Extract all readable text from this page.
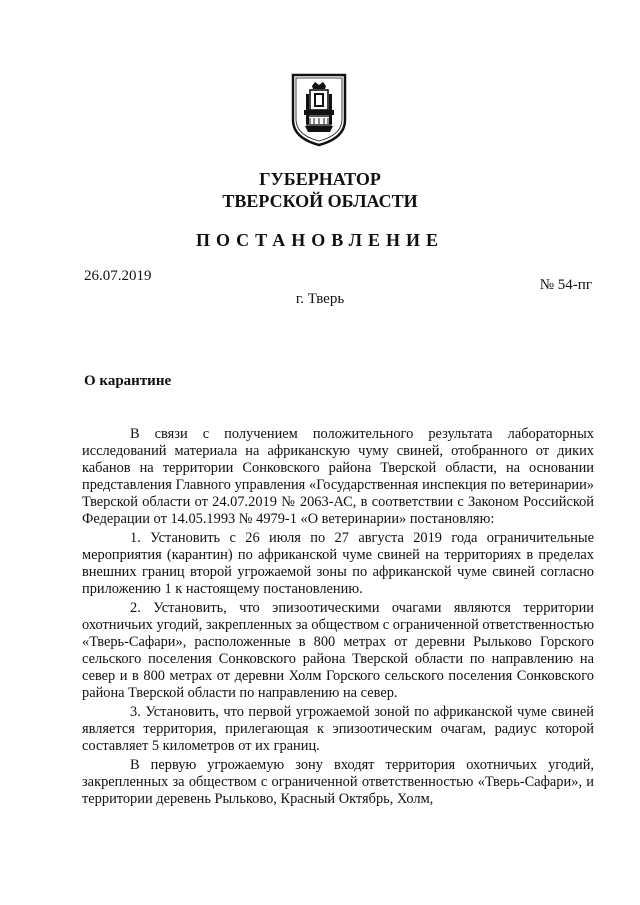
ГУБЕРНАТОР
ТВЕРСКОЙ ОБЛАСТИ
ПОСТАНОВЛЕНИЕ
26.07.2019
№ 54-пг
г. Тверь
О карантине

В связи с получением положительного результата лабораторных исследований материала на африканскую чуму свиней, отобранного от диких кабанов на территории Сонковского района Тверской области, на основании представления Главного управления «Государственная инспекция по ветеринарии» Тверской области от 24.07.2019 № 2063-АС, в соответствии с Законом Российской Федерации от 14.05.1993 № 4979-1 «О ветеринарии» постановляю:

1. Установить с 26 июля по 27 августа 2019 года ограничительные мероприятия (карантин) по африканской чуме свиней на территориях в пределах внешних границ второй угрожаемой зоны по африканской чуме свиней согласно приложению 1 к настоящему постановлению.

2. Установить, что эпизоотическими очагами являются территории охотничьих угодий, закрепленных за обществом с ограниченной ответственностью «Тверь-Сафари», расположенные в 800 метрах от деревни Рыльково Горского сельского поселения Сонковского района Тверской области по направлению на север и в 800 метрах от деревни Холм Горского сельского поселения Сонковского района Тверской области по направлению на север.

3. Установить, что первой угрожаемой зоной по африканской чуме свиней является территория, прилегающая к эпизоотическим очагам, радиус которой составляет 5 километров от их границ.

В первую угрожаемую зону входят территория охотничьих угодий, закрепленных за обществом с ограниченной ответственностью «Тверь-Сафари», и территории деревень Рыльково, Красный Октябрь, Холм,
